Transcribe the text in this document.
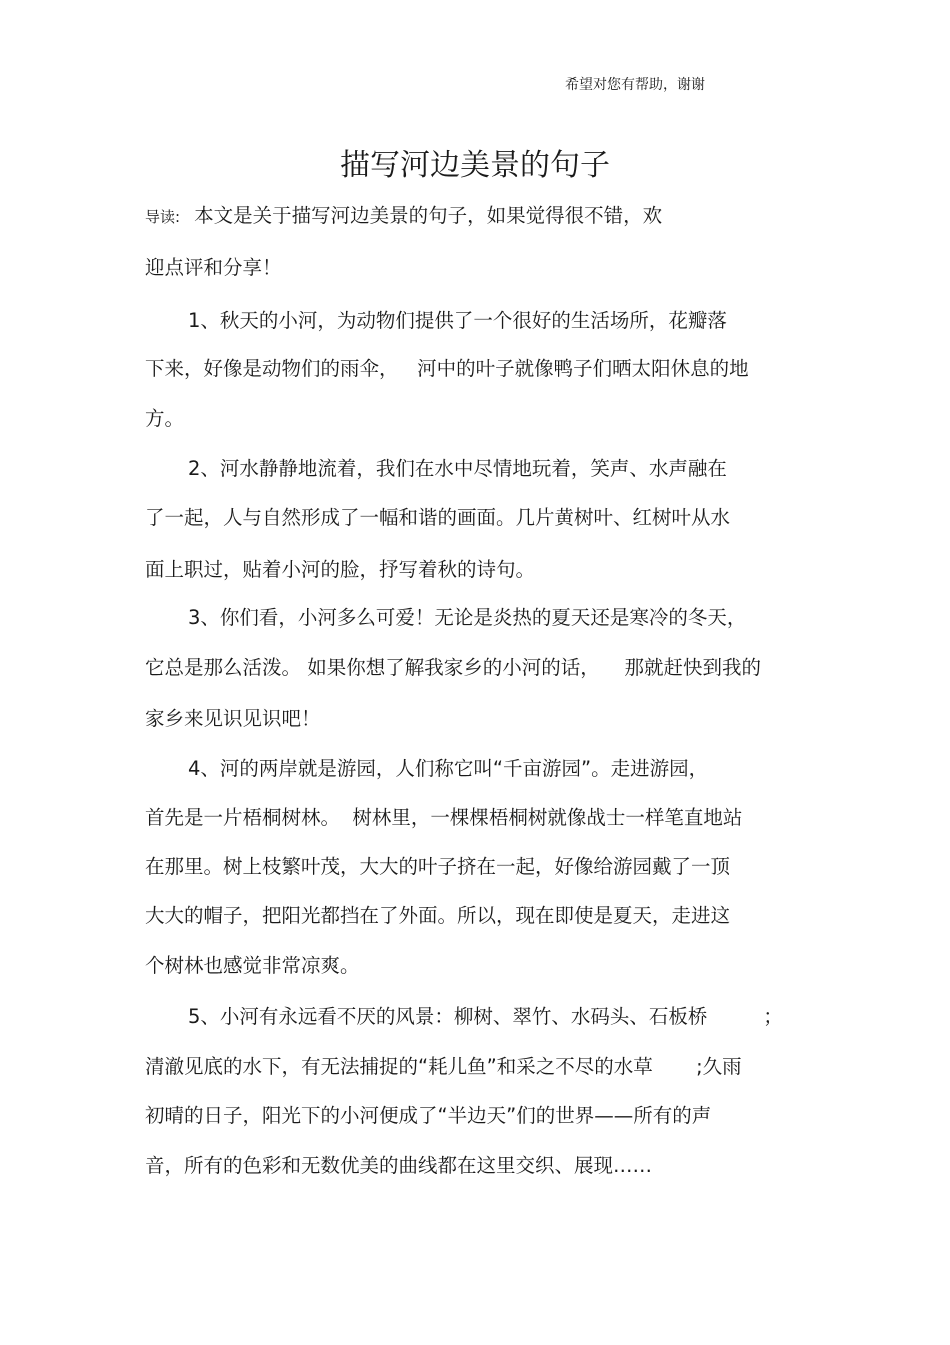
希望对您有帮助，谢谢
描写河边美景的句子
导读: 本文是关于描写河边美景的句子，如果觉得很不错，欢
迎点评和分享！
1、秋天的小河，为动物们提供了一个很好的生活场所，花瓣落
下来，好像是动物们的雨伞，   河中的叶子就像鸭子们晒太阳休息的地
方。
2、河水静静地流着，我们在水中尽情地玩着，笑声、水声融在
了一起，人与自然形成了一幅和谐的画面。几片黄树叶、红树叶从水
面上职过，贴着小河的脸，抒写着秋的诗句。
3、你们看，小河多么可爱！无论是炎热的夏天还是寒冷的冬天，
它总是那么活泼。 如果你想了解我家乡的小河的话，    那就赶快到我的
家乡来见识见识吧！
4、河的两岸就是游园，人们称它叫“千亩游园”。走进游园，
首先是一片梧桐树林。  树林里，一棵棵梧桐树就像战士一样笔直地站
在那里。树上枝繁叶茂，大大的叶子挤在一起，好像给游园戴了一顶
大大的帽子，把阳光都挡在了外面。所以，现在即使是夏天，走进这
个树林也感觉非常凉爽。
5、小河有永远看不厌的风景：柳树、翠竹、水码头、石板桥         ；
清澈见底的水下，有无法捕捉的“耗儿鱼”和采之不尽的水草       ;久雨
初晴的日子，阳光下的小河便成了“半边天”们的世界——所有的声
音，所有的色彩和无数优美的曲线都在这里交织、展现……
